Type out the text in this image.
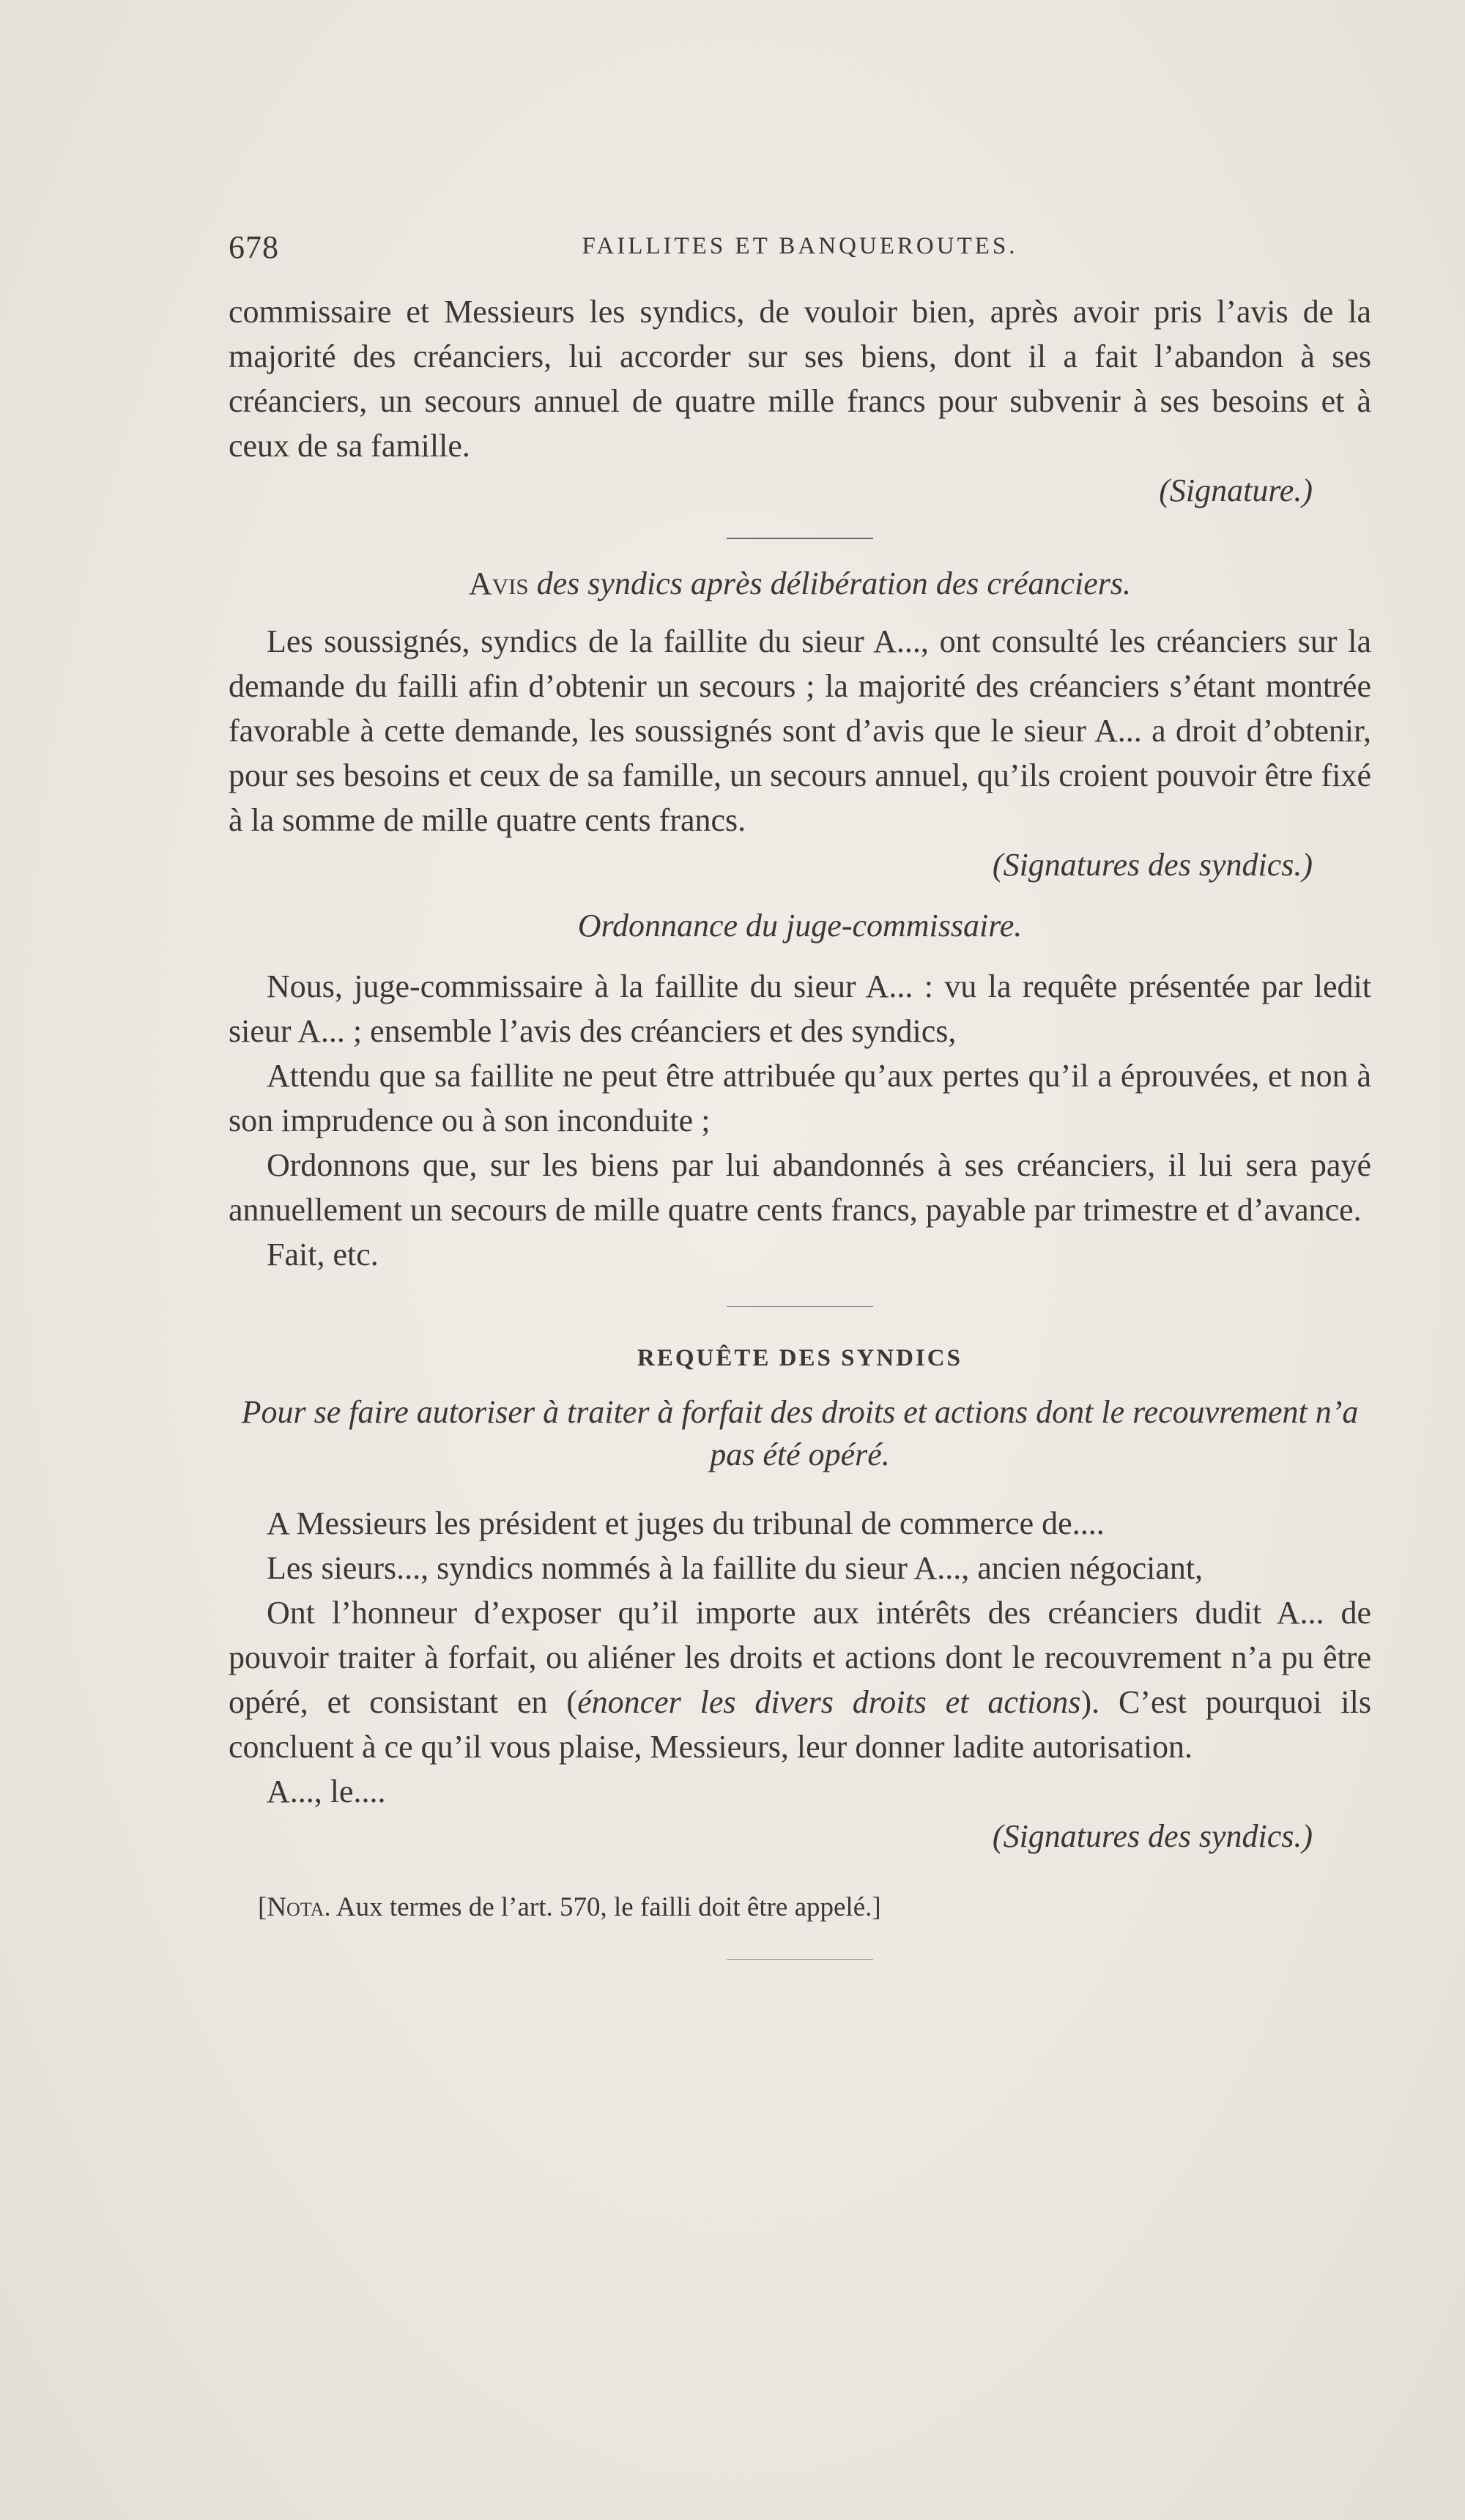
678	FAILLITES ET BANQUEROUTES.

commissaire et Messieurs les syndics, de vouloir bien, après avoir pris l’avis de la majorité des créanciers, lui accorder sur ses biens, dont il a fait l’abandon à ses créanciers, un secours annuel de quatre mille francs pour subvenir à ses besoins et à ceux de sa famille.

(Signature.)

Avis des syndics après délibération des créanciers.

Les soussignés, syndics de la faillite du sieur A..., ont consulté les créanciers sur la demande du failli afin d’obtenir un secours ; la majorité des créanciers s’étant montrée favorable à cette demande, les soussignés sont d’avis que le sieur A... a droit d’obtenir, pour ses besoins et ceux de sa famille, un secours annuel, qu’ils croient pouvoir être fixé à la somme de mille quatre cents francs.

(Signatures des syndics.)

Ordonnance du juge-commissaire.

Nous, juge-commissaire à la faillite du sieur A... : vu la requête présentée par ledit sieur A... ; ensemble l’avis des créanciers et des syndics,

Attendu que sa faillite ne peut être attribuée qu’aux pertes qu’il a éprouvées, et non à son imprudence ou à son inconduite ;

Ordonnons que, sur les biens par lui abandonnés à ses créanciers, il lui sera payé annuellement un secours de mille quatre cents francs, payable par trimestre et d’avance.

Fait, etc.

REQUÊTE DES SYNDICS

Pour se faire autoriser à traiter à forfait des droits et actions dont le recouvrement n’a pas été opéré.

A Messieurs les président et juges du tribunal de commerce de....

Les sieurs..., syndics nommés à la faillite du sieur A..., ancien négociant,

Ont l’honneur d’exposer qu’il importe aux intérêts des créanciers dudit A... de pouvoir traiter à forfait, ou aliéner les droits et actions dont le recouvrement n’a pu être opéré, et consistant en (énoncer les divers droits et actions). C’est pourquoi ils concluent à ce qu’il vous plaise, Messieurs, leur donner ladite autorisation.

A..., le....

(Signatures des syndics.)

[Nota. Aux termes de l’art. 570, le failli doit être appelé.]
